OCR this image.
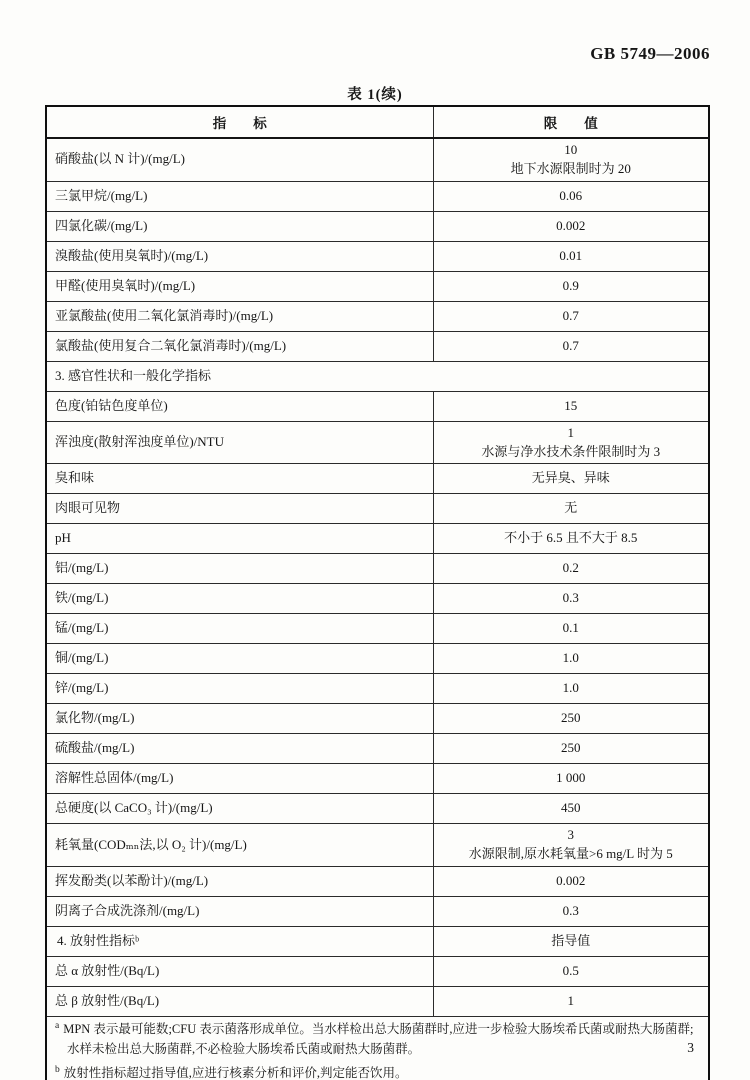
GB 5749—2006
表 1(续)
指　　标	限　　值
硝酸盐(以 N 计)/(mg/L)	10
地下水源限制时为 20

三氯甲烷/(mg/L)	0.06
四氯化碳/(mg/L)	0.002
溴酸盐(使用臭氧时)/(mg/L)	0.01
甲醛(使用臭氧时)/(mg/L)	0.9
亚氯酸盐(使用二氧化氯消毒时)/(mg/L)	0.7
氯酸盐(使用复合二氧化氯消毒时)/(mg/L)	0.7
3. 感官性状和一般化学指标	
色度(铂钴色度单位)	15
浑浊度(散射浑浊度单位)/NTU	1
水源与净水技术条件限制时为 3

臭和味	无异臭、异味
肉眼可见物	无
pH	不小于 6.5 且不大于 8.5
铝/(mg/L)	0.2
铁/(mg/L)	0.3
锰/(mg/L)	0.1
铜/(mg/L)	1.0
锌/(mg/L)	1.0
氯化物/(mg/L)	250
硫酸盐/(mg/L)	250
溶解性总固体/(mg/L)	1 000
总硬度(以 CaCO₃ 计)/(mg/L)	450
耗氧量(CODₘₙ法,以 O₂ 计)/(mg/L)	3
水源限制,原水耗氧量>6 mg/L 时为 5

挥发酚类(以苯酚计)/(mg/L)	0.002
阴离子合成洗涤剂/(mg/L)	0.3
4. 放射性指标ᵇ	指导值
总 α 放射性/(Bq/L)	0.5
总 β 放射性/(Bq/L)	1

$^a$ MPN 表示最可能数;CFU 表示菌落形成单位。当水样检出总大肠菌群时,应进一步检验大肠埃希氏菌或耐热大肠菌群;水样未检出总大肠菌群,不必检验大肠埃希氏菌或耐热大肠菌群。

$^b$ 放射性指标超过指导值,应进行核素分析和评价,判定能否饮用。	

3
